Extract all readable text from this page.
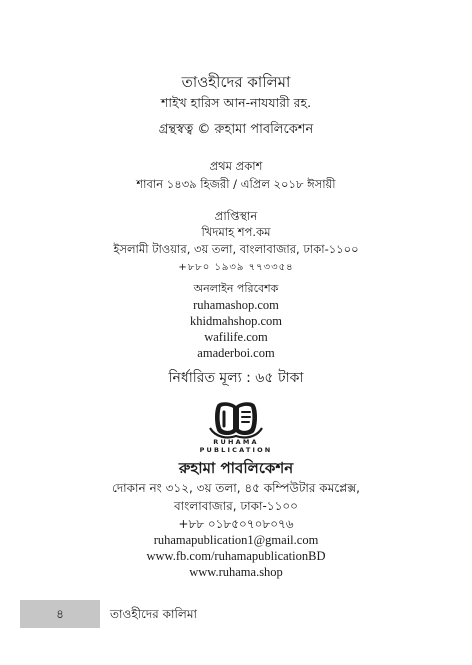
তাওহীদের কালিমা
শাইখ হারিস আন-নাযযারী রহ.
গ্রন্থস্বত্ব © রুহামা পাবলিকেশন
প্রথম প্রকাশ
শাবান ১৪৩৯ হিজরী / এপ্রিল ২০১৮ ঈসায়ী
প্রাপ্তিস্থান
খিদমাহ শপ.কম
ইসলামী টাওয়ার, ৩য় তলা, বাংলাবাজার, ঢাকা-১১০০
+৮৮০ ১৯৩৯ ৭৭৩৩৫৪
অনলাইন পরিবেশক
ruhamashop.com
khidmahshop.com
wafilife.com
amaderboi.com
নির্ধারিত মূল্য : ৬৫ টাকা
RUHAMA
PUBLICATION
রুহামা পাবলিকেশন
দোকান নং ৩১২, ৩য় তলা, ৪৫ কম্পিউটার কমপ্লেক্স,
বাংলাবাজার, ঢাকা-১১০০
+৮৮ ০১৮৫০৭০৮০৭৬
ruhamapublication1@gmail.com
www.fb.com/ruhamapublicationBD
www.ruhama.shop
৪	তাওহীদের কালিমা
